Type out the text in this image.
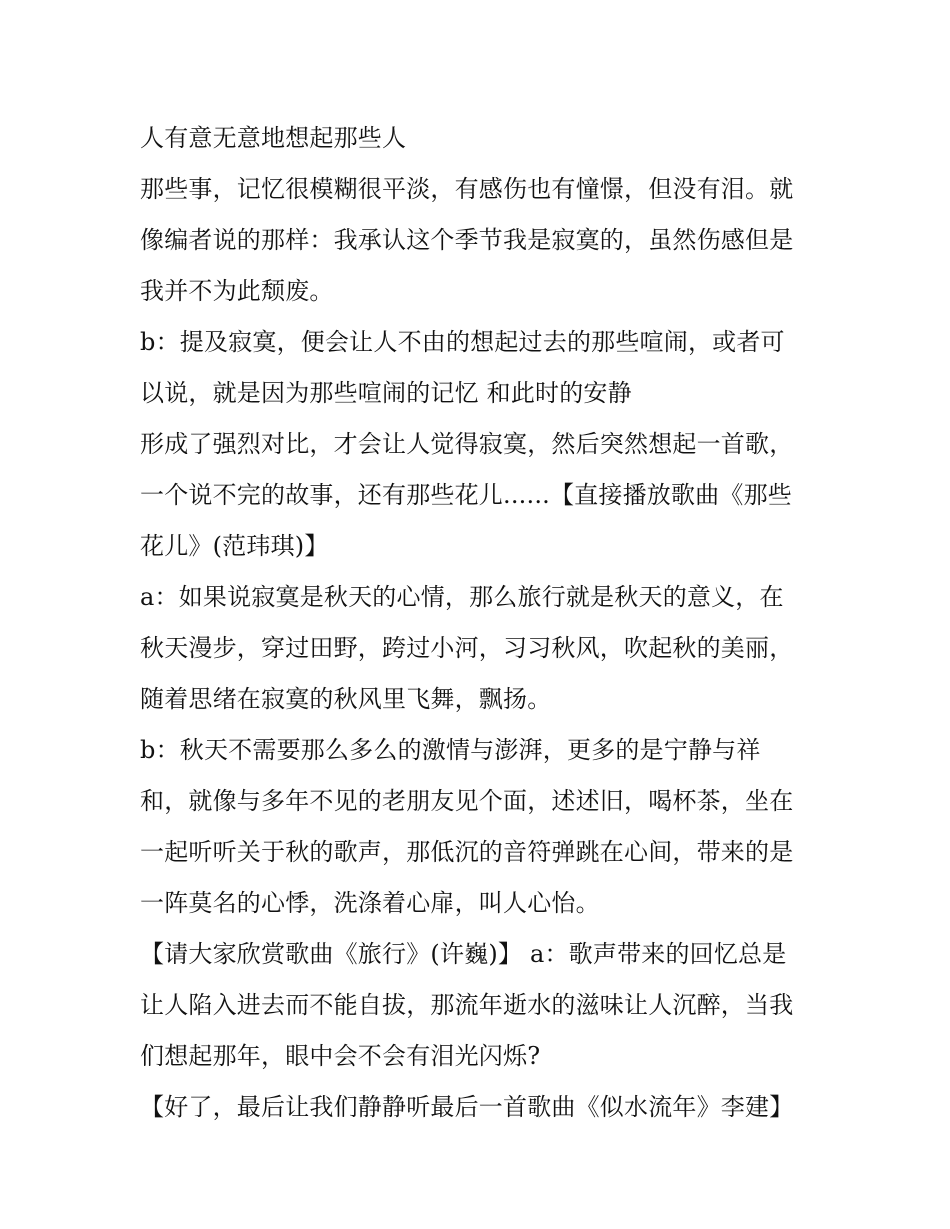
人有意无意地想起那些人
那些事，记忆很模糊很平淡，有感伤也有憧憬，但没有泪。就
像编者说的那样：我承认这个季节我是寂寞的，虽然伤感但是
我并不为此颓废。
b：提及寂寞，便会让人不由的想起过去的那些喧闹，或者可
以说，就是因为那些喧闹的记忆 和此时的安静
形成了强烈对比，才会让人觉得寂寞，然后突然想起一首歌，
一个说不完的故事，还有那些花儿......【直接播放歌曲《那些
花儿》(范玮琪)】
a：如果说寂寞是秋天的心情，那么旅行就是秋天的意义，在
秋天漫步，穿过田野，跨过小河，习习秋风，吹起秋的美丽，
随着思绪在寂寞的秋风里飞舞，飘扬。
b：秋天不需要那么多么的激情与澎湃，更多的是宁静与祥
和，就像与多年不见的老朋友见个面，述述旧，喝杯茶，坐在
一起听听关于秋的歌声，那低沉的音符弹跳在心间，带来的是
一阵莫名的心悸，洗涤着心扉，叫人心怡。
【请大家欣赏歌曲《旅行》(许巍)】 a：歌声带来的回忆总是
让人陷入进去而不能自拔，那流年逝水的滋味让人沉醉，当我
们想起那年，眼中会不会有泪光闪烁?
【好了，最后让我们静静听最后一首歌曲《似水流年》李建】
